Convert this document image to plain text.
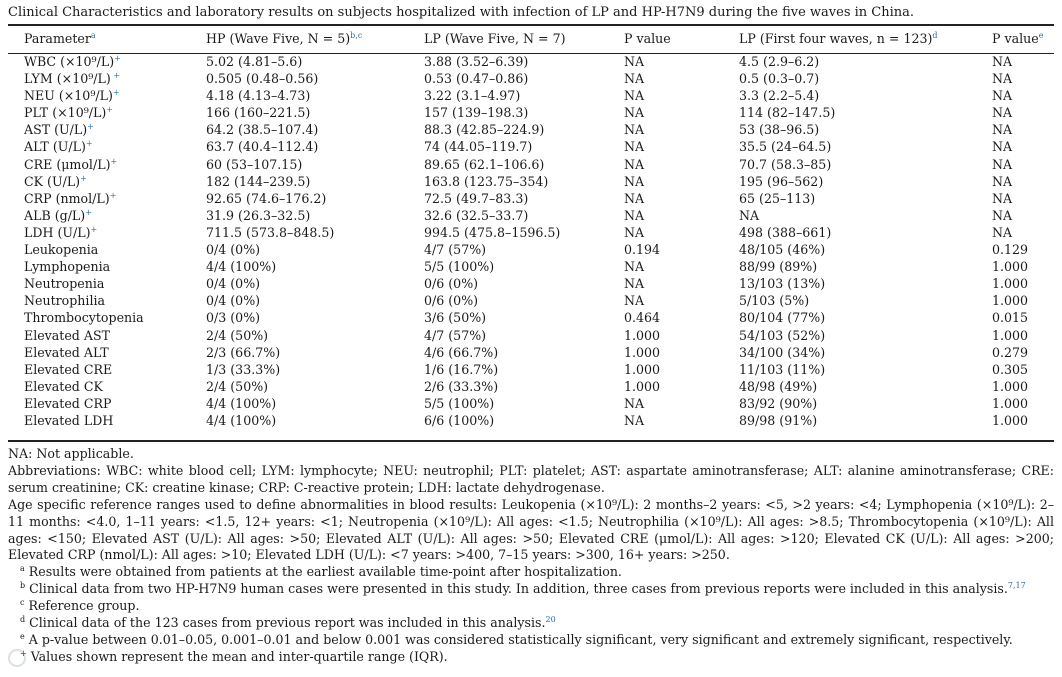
Clinical Characteristics and laboratory results on subjects hospitalized with infection of LP and HP-H7N9 during the five waves in China.
Parameter$^a$	HP (Wave Five, N = 5)$^{b,c}$	LP (Wave Five, N = 7)	P value	LP (First four waves, n = 123)$^d$	P value$^e$
WBC (×10⁹/L)+	5.02 (4.81–5.6)	3.88 (3.52–6.39)	NA	4.5 (2.9–6.2)	NA
LYM (×10⁹/L) +	0.505 (0.48–0.56)	0.53 (0.47–0.86)	NA	0.5 (0.3–0.7)	NA
NEU (×10⁹/L)+	4.18 (4.13–4.73)	3.22 (3.1–4.97)	NA	3.3 (2.2–5.4)	NA
PLT (×10⁹/L)+	166 (160–221.5)	157 (139–198.3)	NA	114 (82–147.5)	NA
AST (U/L)+	64.2 (38.5–107.4)	88.3 (42.85–224.9)	NA	53 (38–96.5)	NA
ALT (U/L)+	63.7 (40.4–112.4)	74 (44.05–119.7)	NA	35.5 (24–64.5)	NA
CRE (μmol/L)+	60 (53–107.15)	89.65 (62.1–106.6)	NA	70.7 (58.3–85)	NA
CK (U/L)+	182 (144–239.5)	163.8 (123.75–354)	NA	195 (96–562)	NA
CRP (nmol/L)+	92.65 (74.6–176.2)	72.5 (49.7–83.3)	NA	65 (25–113)	NA
ALB (g/L)+	31.9 (26.3–32.5)	32.6 (32.5–33.7)	NA	NA	NA
LDH (U/L)+	711.5 (573.8–848.5)	994.5 (475.8–1596.5)	NA	498 (388–661)	NA
Leukopenia	0/4 (0%)	4/7 (57%)	0.194	48/105 (46%)	0.129
Lymphopenia	4/4 (100%)	5/5 (100%)	NA	88/99 (89%)	1.000
Neutropenia	0/4 (0%)	0/6 (0%)	NA	13/103 (13%)	1.000
Neutrophilia	0/4 (0%)	0/6 (0%)	NA	5/103 (5%)	1.000
Thrombocytopenia	0/3 (0%)	3/6 (50%)	0.464	80/104 (77%)	0.015
Elevated AST	2/4 (50%)	4/7 (57%)	1.000	54/103 (52%)	1.000
Elevated ALT	2/3 (66.7%)	4/6 (66.7%)	1.000	34/100 (34%)	0.279
Elevated CRE	1/3 (33.3%)	1/6 (16.7%)	1.000	11/103 (11%)	0.305
Elevated CK	2/4 (50%)	2/6 (33.3%)	1.000	48/98 (49%)	1.000
Elevated CRP	4/4 (100%)	5/5 (100%)	NA	83/92 (90%)	1.000
Elevated LDH	4/4 (100%)	6/6 (100%)	NA	89/98 (91%)	1.000

NA: Not applicable.

Abbreviations: WBC: white blood cell; LYM: lymphocyte; NEU: neutrophil; PLT: platelet; AST: aspartate aminotransferase; ALT: alanine aminotransferase; CRE: serum creatinine; CK: creatine kinase; CRP: C-reactive protein; LDH: lactate dehydrogenase.

Age specific reference ranges used to define abnormalities in blood results: Leukopenia (×10⁹/L): 2 months–2 years: <5, >2 years: <4; Lymphopenia (×10⁹/L): 2–11 months: <4.0, 1–11 years: <1.5, 12+ years: <1; Neutropenia (×10⁹/L): All ages: <1.5; Neutrophilia (×10⁹/L): All ages: >8.5; Thrombocytopenia (×10⁹/L): All ages: <150; Elevated AST (U/L): All ages: >50; Elevated ALT (U/L): All ages: >50; Elevated CRE (μmol/L): All ages: >120; Elevated CK (U/L): All ages: >200; Elevated CRP (nmol/L): All ages: >10; Elevated LDH (U/L): <7 years: >400, 7–15 years: >300, 16+ years: >250.

$^a$ Results were obtained from patients at the earliest available time-point after hospitalization.

$^b$ Clinical data from two HP-H7N9 human cases were presented in this study. In addition, three cases from previous reports were included in this analysis.$^{7,17}$

$^c$ Reference group.

$^d$ Clinical data of the 123 cases from previous report was included in this analysis.$^{20}$

$^e$ A p-value between 0.01–0.05, 0.001–0.01 and below 0.001 was considered statistically significant, very significant and extremely significant, respectively.

+ Values shown represent the mean and inter-quartile range (IQR).
